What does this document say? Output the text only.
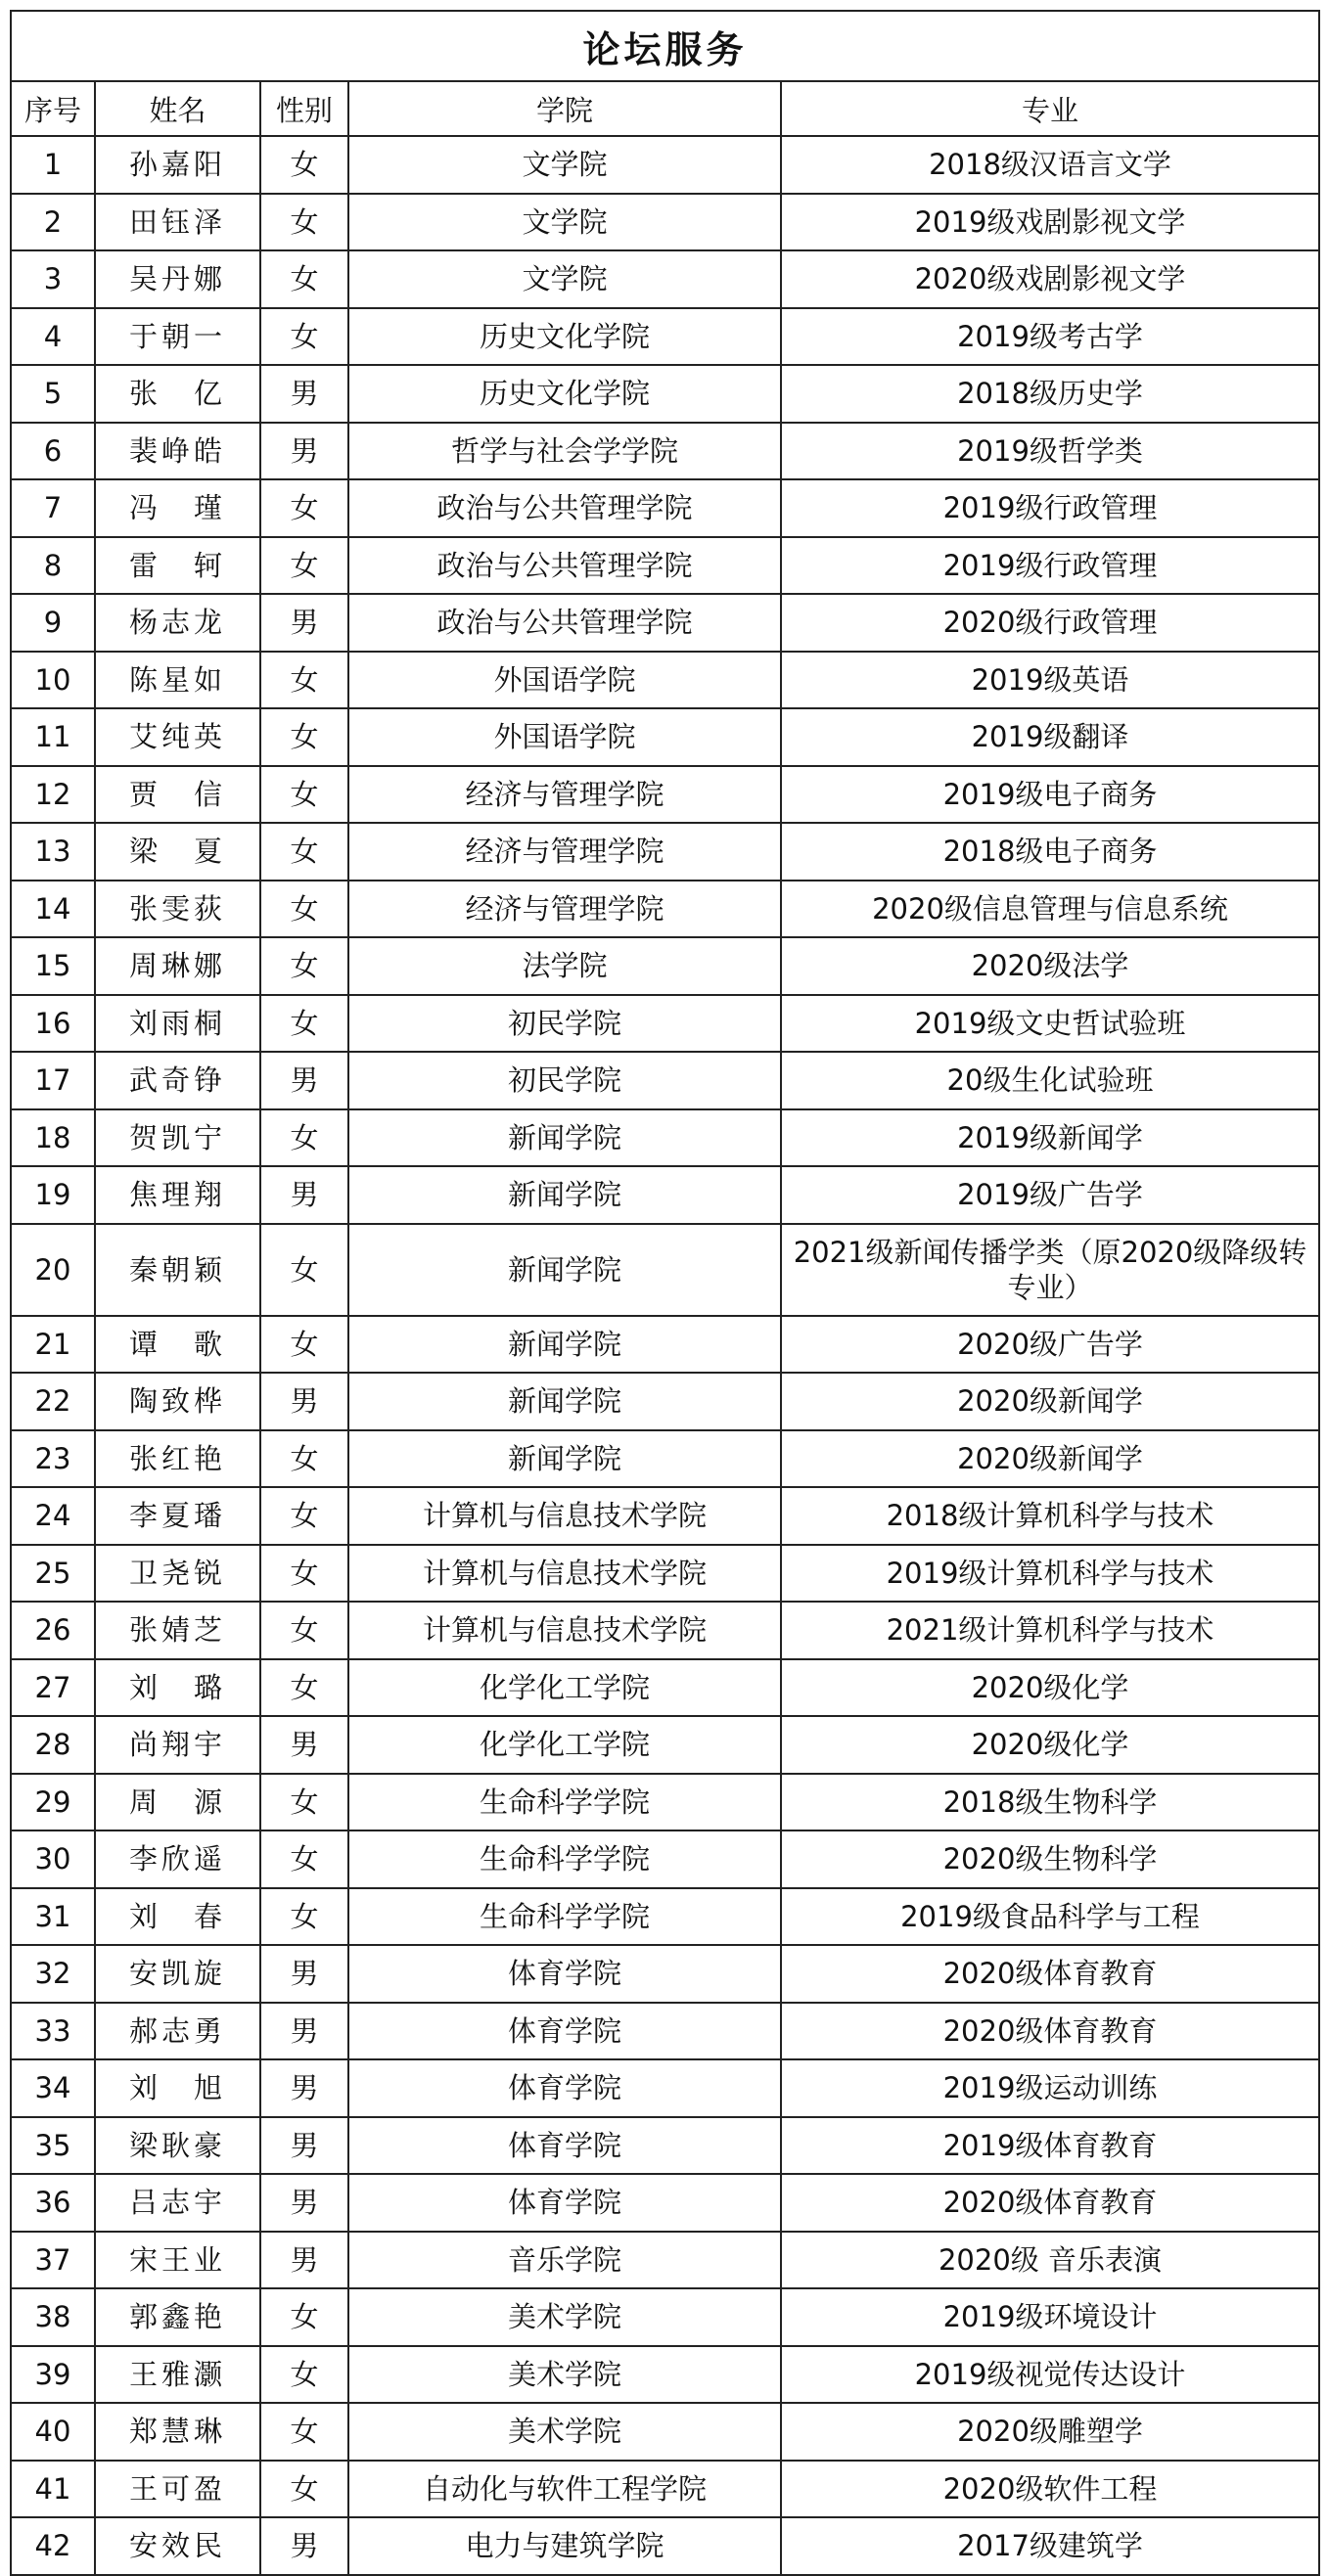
论坛服务				
序号	姓名	性别	学院	专业
1	孙嘉阳	女	文学院	2018级汉语言文学
2	田钰泽	女	文学院	2019级戏剧影视文学
3	吴丹娜	女	文学院	2020级戏剧影视文学
4	于朝一	女	历史文化学院	2019级考古学
5	张　亿	男	历史文化学院	2018级历史学
6	裴峥皓	男	哲学与社会学学院	2019级哲学类
7	冯　瑾	女	政治与公共管理学院	2019级行政管理
8	雷　轲	女	政治与公共管理学院	2019级行政管理
9	杨志龙	男	政治与公共管理学院	2020级行政管理
10	陈星如	女	外国语学院	2019级英语
11	艾纯英	女	外国语学院	2019级翻译
12	贾　信	女	经济与管理学院	2019级电子商务
13	梁　夏	女	经济与管理学院	2018级电子商务
14	张雯荻	女	经济与管理学院	2020级信息管理与信息系统
15	周琳娜	女	法学院	2020级法学
16	刘雨桐	女	初民学院	2019级文史哲试验班
17	武奇铮	男	初民学院	20级生化试验班
18	贺凯宁	女	新闻学院	2019级新闻学
19	焦理翔	男	新闻学院	2019级广告学
20	秦朝颖	女	新闻学院	2021级新闻传播学类（原2020级降级转专业）
21	谭　歌	女	新闻学院	2020级广告学
22	陶致桦	男	新闻学院	2020级新闻学
23	张红艳	女	新闻学院	2020级新闻学
24	李夏璠	女	计算机与信息技术学院	2018级计算机科学与技术
25	卫尧锐	女	计算机与信息技术学院	2019级计算机科学与技术
26	张婧芝	女	计算机与信息技术学院	2021级计算机科学与技术
27	刘　璐	女	化学化工学院	2020级化学
28	尚翔宇	男	化学化工学院	2020级化学
29	周　源	女	生命科学学院	2018级生物科学
30	李欣遥	女	生命科学学院	2020级生物科学
31	刘　春	女	生命科学学院	2019级食品科学与工程
32	安凯旋	男	体育学院	2020级体育教育
33	郝志勇	男	体育学院	2020级体育教育
34	刘　旭	男	体育学院	2019级运动训练
35	梁耿豪	男	体育学院	2019级体育教育
36	吕志宇	男	体育学院	2020级体育教育
37	宋王业	男	音乐学院	2020级 音乐表演
38	郭鑫艳	女	美术学院	2019级环境设计
39	王雅灏	女	美术学院	2019级视觉传达设计
40	郑慧琳	女	美术学院	2020级雕塑学
41	王可盈	女	自动化与软件工程学院	2020级软件工程
42	安效民	男	电力与建筑学院	2017级建筑学
